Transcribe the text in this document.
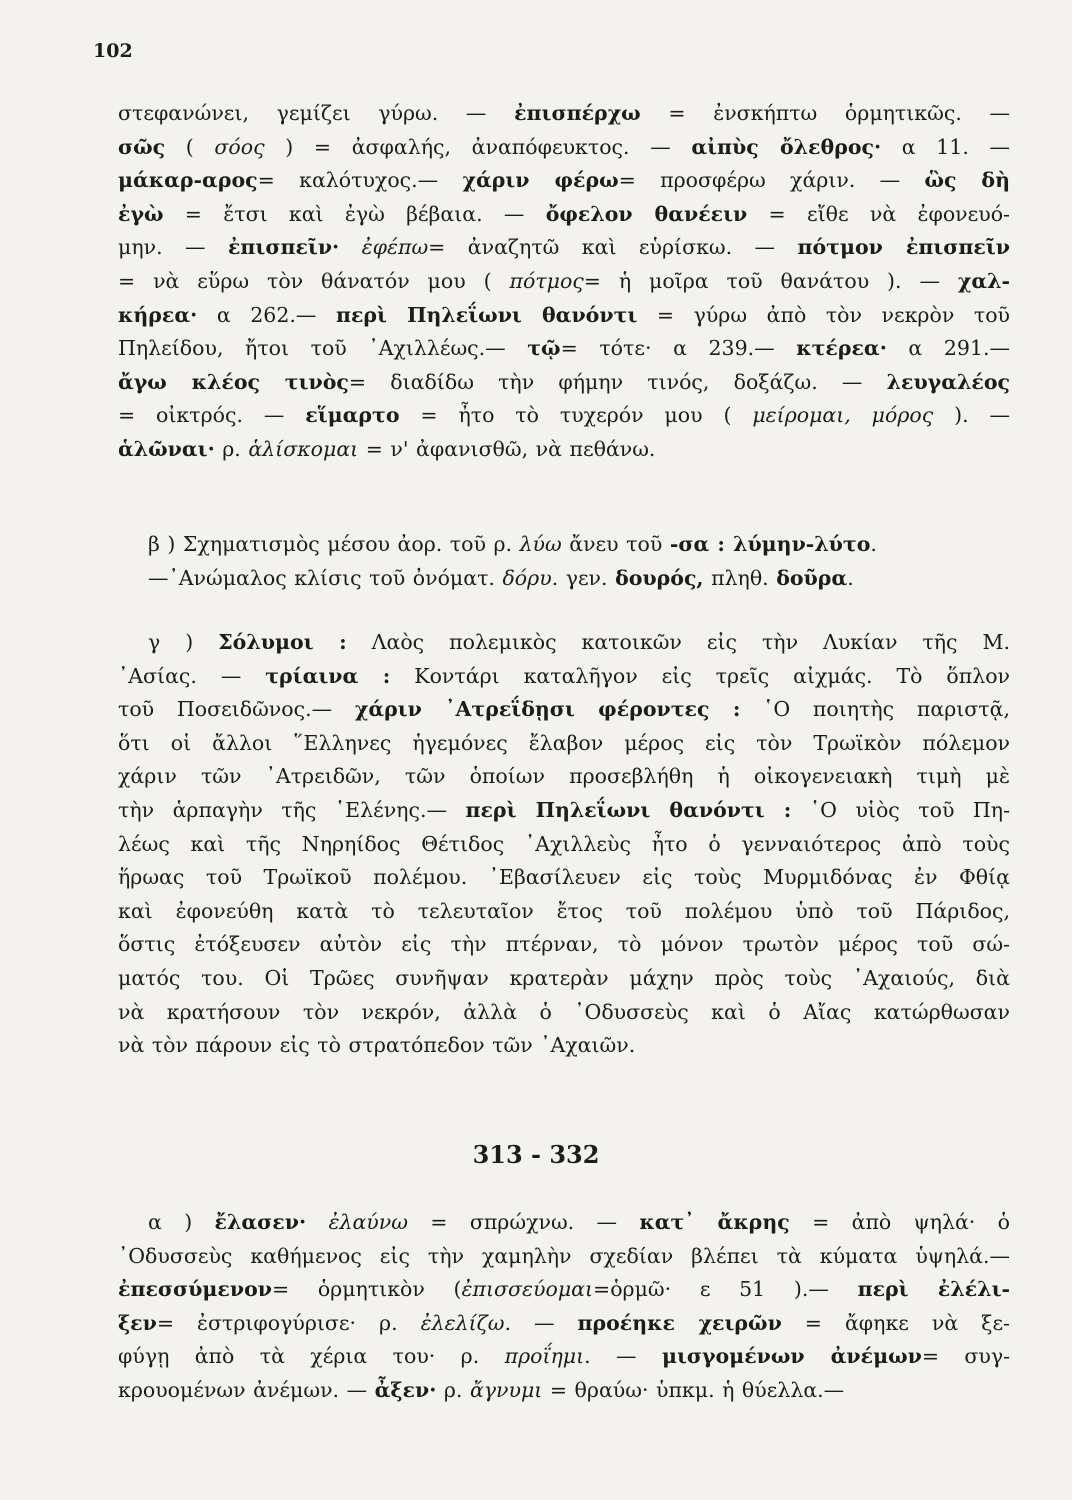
102
στεφανώνει, γεμίζει γύρω. — ἐπισπέρχω = ἐνσκήπτω ὁρμητικῶς. —
σῶς ( σόος ) = ἀσφαλής, ἀναπόφευκτος. — αἰπὺς ὄλεθρος· α 11. —
μάκαρ-αρος= καλότυχος.— χάριν φέρω= προσφέρω χάριν. — ὣς δὴ
ἐγὼ = ἔτσι καὶ ἐγὼ βέβαια. — ὄφελον θανέειν = εἴθε νὰ ἐφονευό-
μην. — ἐπισπεῖν· ἐφέπω= ἀναζητῶ καὶ εὑρίσκω. — πότμον ἐπισπεῖν
= νὰ εὕρω τὸν θάνατόν μου ( πότμος= ἡ μοῖρα τοῦ θανάτου ). — χαλ-
κήρεα· α 262.— περὶ Πηλεΐωνι θανόντι = γύρω ἀπὸ τὸν νεκρὸν τοῦ
Πηλείδου, ἤτοι τοῦ ᾿Αχιλλέως.— τῷ= τότε· α 239.— κτέρεα· α 291.—
ἄγω κλέος τινὸς= διαδίδω τὴν φήμην τινός, δοξάζω. — λευγαλέος
= οἰκτρός. — εἵμαρτο = ἦτο τὸ τυχερόν μου ( μείρομαι, μόρος ). —
ἁλῶναι· ρ. ἁλίσκομαι = ν' ἀφανισθῶ, νὰ πεθάνω.
β ) Σχηματισμὸς μέσου ἀορ. τοῦ ρ. λύω ἄνευ τοῦ -σα : λύμην-λύτο.
—᾿Ανώμαλος κλίσις τοῦ ὀνόματ. δόρυ. γεν. δουρός, πληθ. δοῦρα.
γ ) Σόλυμοι : Λαὸς πολεμικὸς κατοικῶν εἰς τὴν Λυκίαν τῆς Μ.
᾿Ασίας. — τρίαινα : Κοντάρι καταλῆγον εἰς τρεῖς αἰχμάς. Τὸ ὅπλον
τοῦ Ποσειδῶνος.— χάριν ᾿Ατρεΐδῃσι φέροντες : ῾Ο ποιητὴς παριστᾷ,
ὅτι οἱ ἄλλοι ῞Ελληνες ἡγεμόνες ἔλαβον μέρος εἰς τὸν Τρωϊκὸν πόλεμον
χάριν τῶν ᾿Ατρειδῶν, τῶν ὁποίων προσεβλήθη ἡ οἰκογενειακὴ τιμὴ μὲ
τὴν ἁρπαγὴν τῆς ῾Ελένης.— περὶ Πηλεΐωνι θανόντι : ῾Ο υἱὸς τοῦ Πη-
λέως καὶ τῆς Νηρηίδος Θέτιδος ᾿Αχιλλεὺς ἦτο ὁ γενναιότερος ἀπὸ τοὺς
ἥρωας τοῦ Τρωϊκοῦ πολέμου. ᾿Εβασίλευεν εἰς τοὺς Μυρμιδόνας ἐν Φθίᾳ
καὶ ἐφονεύθη κατὰ τὸ τελευταῖον ἔτος τοῦ πολέμου ὑπὸ τοῦ Πάριδος,
ὅστις ἐτόξευσεν αὐτὸν εἰς τὴν πτέρναν, τὸ μόνον τρωτὸν μέρος τοῦ σώ-
ματός του. Οἱ Τρῶες συνῆψαν κρατερὰν μάχην πρὸς τοὺς ᾿Αχαιούς, διὰ
νὰ κρατήσουν τὸν νεκρόν, ἀλλὰ ὁ ᾿Οδυσσεὺς καὶ ὁ Αἴας κατώρθωσαν
νὰ τὸν πάρουν εἰς τὸ στρατόπεδον τῶν ᾿Αχαιῶν.
313 - 332
α ) ἔλασεν· ἐλαύνω = σπρώχνω. — κατ᾿ ἄκρης = ἀπὸ ψηλά· ὁ
᾿Οδυσσεὺς καθήμενος εἰς τὴν χαμηλὴν σχεδίαν βλέπει τὰ κύματα ὑψηλά.—
ἐπεσσύμενον= ὁρμητικὸν (ἐπισσεύομαι=ὁρμῶ· ε 51 ).— περὶ ἐλέλι-
ξεν= ἐστριφογύρισε· ρ. ἐλελίζω. — προέηκε χειρῶν = ἄφηκε νὰ ξε-
φύγῃ ἀπὸ τὰ χέρια του· ρ. προΐημι. — μισγομένων ἀνέμων= συγ-
κρουομένων ἀνέμων. — ἆξεν· ρ. ἄγνυμι = θραύω· ὑπκμ. ἡ θύελλα.—
